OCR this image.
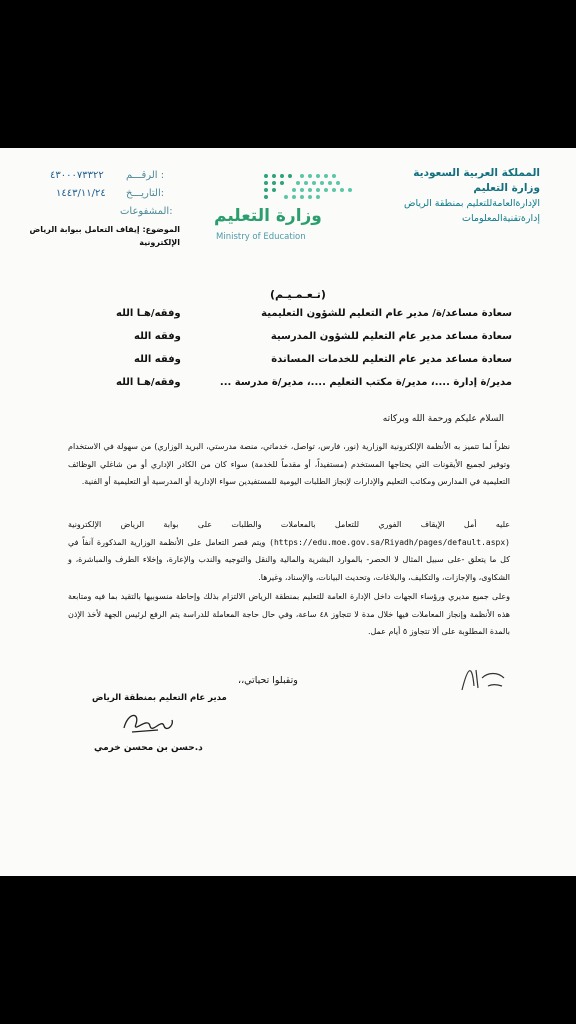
المملكة العربية السعودية
وزارة التعليم
الإدارةالعامةللتعليم بمنطقة الرياض
إدارةتقنيةالمعلومات
وزارة التعليم
Ministry of Education
الرقـــم :
٤٣٠٠٠٧٣٣٢٢
التاريـــخ:
١٤٤٣/١١/٢٤
المشفوعات:
الموضوع: إيقاف التعامل ببوابة الرياض
الإلكترونية
(تـعـمـيـم)
سعادة مساعد/ة/ مدير عام التعليم للشؤون التعليمية
وفقه/هـا الله
سعادة مساعد مدير عام التعليم للشؤون المدرسية
وفقه الله
سعادة مساعد مدير عام التعليم للخدمات المساندة
وفقه الله
مدير/ة إدارة ....، مدير/ة مكتب التعليم ....، مدير/ة مدرسة ...
وفقه/هـا الله
السلام عليكم ورحمة الله وبركاته
نظراً لما تتميز به الأنظمة الإلكترونية الوزارية (نور، فارس، تواصل، خدماتي، منصة مدرستي، البريد الوزاري) من سهولة في الاستخدام وتوفير لجميع الأيقونات التي يحتاجها المستخدم (مستفيداً، أو مقدماً للخدمة) سواء كان من الكادر الإداري أو من شاغلي الوظائف التعليمية في المدارس ومكاتب التعليم والإدارات لإنجاز الطلبات اليومية للمستفيدين سواء الإدارية أو المدرسية أو التعليمية أو الفنية.
عليه أمل الإيقاف الفوري للتعامل بالمعاملات والطلبات على بوابة الرياض الإلكترونية (https://edu.moe.gov.sa/Riyadh/pages/default.aspx) ويتم قصر التعامل على الأنظمة الوزارية المذكورة آنفاً في كل ما يتعلق -على سبيل المثال لا الحصر- بالموارد البشرية والمالية والنقل والتوجيه والندب والإعارة، وإخلاء الطرف والمباشرة، و الشكاوى، والإجازات، والتكليف، والبلاغات، وتحديث البيانات، والإسناد، وغيرها.
وعلى جميع مديري ورؤساء الجهات داخل الإدارة العامة للتعليم بمنطقة الرياض الالتزام بذلك وإحاطة منسوبيها بالتقيد بما فيه ومتابعة هذه الأنظمة وإنجاز المعاملات فيها خلال مدة لا تتجاوز ٤٨ ساعة، وفي حال حاجة المعاملة للدراسة يتم الرفع لرئيس الجهة لأخذ الإذن بالمدة المطلوبة على ألا تتجاوز ٥ أيام عمل.
وتقبلوا تحياتي،،
مدير عام التعليم بمنطقة الرياض
د.حسن بن محسن خرمي
